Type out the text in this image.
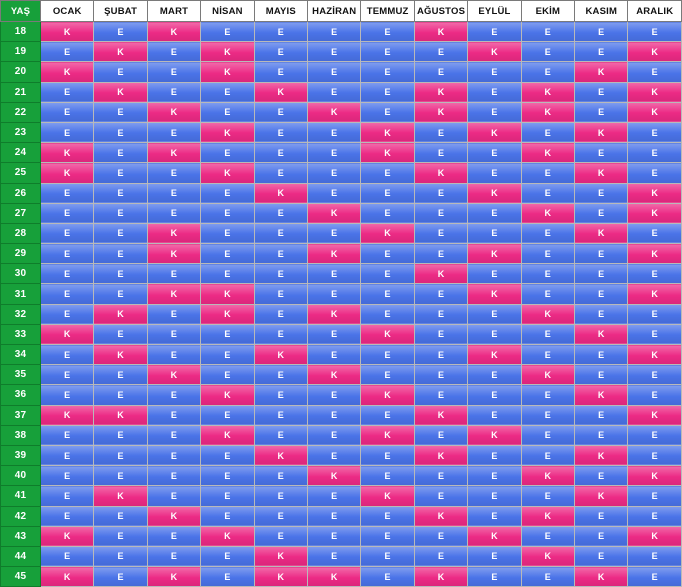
YAŞ	OCAK	ŞUBAT	MART	NİSAN	MAYIS	HAZİRAN	TEMMUZ	AĞUSTOS	EYLÜL	EKİM	KASIM	ARALIK
18	K	E	K	E	E	E	E	K	E	E	E	E
19	E	K	E	K	E	E	E	E	K	E	E	K
20	K	E	E	K	E	E	E	E	E	E	K	E
21	E	K	E	E	K	E	E	K	E	K	E	K
22	E	E	K	E	E	K	E	K	E	K	E	K
23	E	E	E	K	E	E	K	E	K	E	K	E
24	K	E	K	E	E	E	K	E	E	K	E	E
25	K	E	E	K	E	E	E	K	E	E	K	E
26	E	E	E	E	K	E	E	E	K	E	E	K
27	E	E	E	E	E	K	E	E	E	K	E	K
28	E	E	K	E	E	E	K	E	E	E	K	E
29	E	E	K	E	E	K	E	E	K	E	E	K
30	E	E	E	E	E	E	E	K	E	E	E	E
31	E	E	K	K	E	E	E	E	K	E	E	K
32	E	K	E	K	E	K	E	E	E	K	E	E
33	K	E	E	E	E	E	K	E	E	E	K	E
34	E	K	E	E	K	E	E	E	K	E	E	K
35	E	E	K	E	E	K	E	E	E	K	E	E
36	E	E	E	K	E	E	K	E	E	E	K	E
37	K	K	E	E	E	E	E	K	E	E	E	K
38	E	E	E	K	E	E	K	E	K	E	E	E
39	E	E	E	E	K	E	E	K	E	E	K	E
40	E	E	E	E	E	K	E	E	E	K	E	K
41	E	K	E	E	E	E	K	E	E	E	K	E
42	E	E	K	E	E	E	E	K	E	K	E	E
43	K	E	E	K	E	E	E	E	K	E	E	K
44	E	E	E	E	K	E	E	E	E	K	E	E
45	K	E	K	E	K	K	E	K	E	E	K	E
